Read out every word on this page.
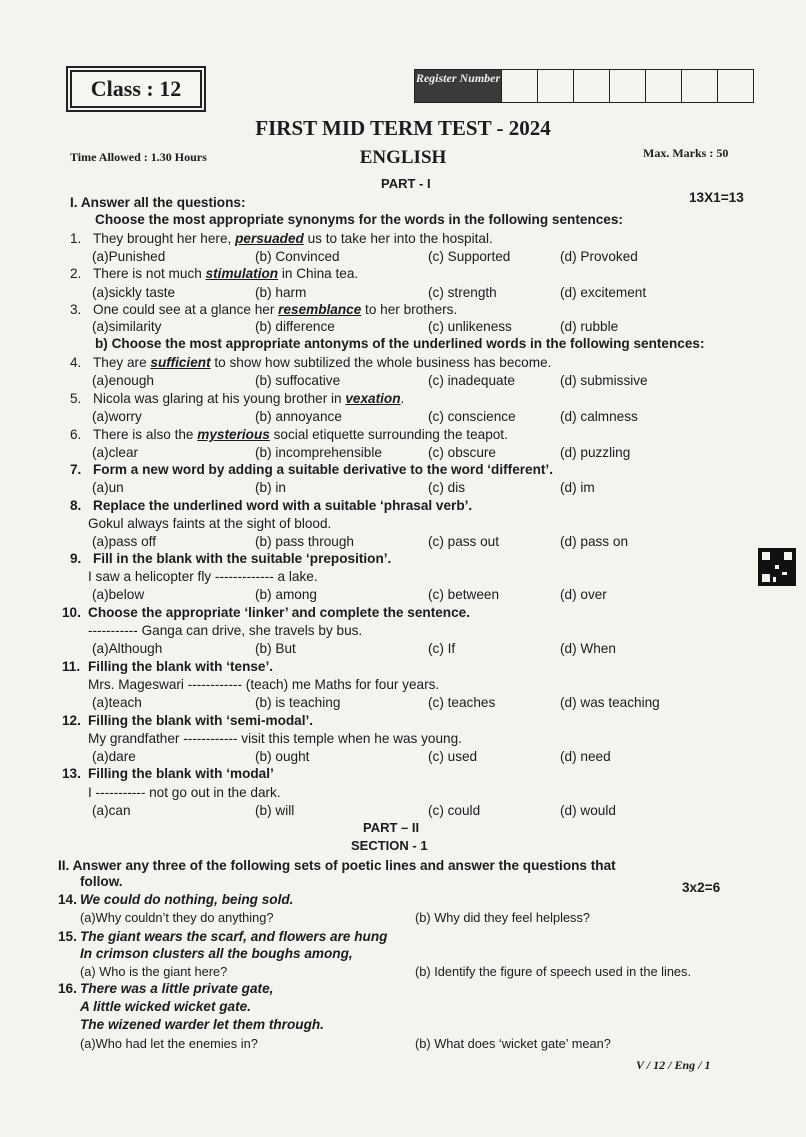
Class : 12	Register Number
FIRST MID TERM TEST - 2024
Time Allowed : 1.30 Hours	ENGLISH	Max. Marks : 50
PART - I
I. Answer all the questions:	13X1=13
Choose the most appropriate synonyms for the words in the following sentences:
1. They brought her here, persuaded us to take her into the hospital.
(a)Punished	(b) Convinced	(c) Supported	(d) Provoked
2. There is not much stimulation in China tea.
(a)sickly taste	(b) harm	(c) strength	(d) excitement
3. One could see at a glance her resemblance to her brothers.
(a)similarity	(b) difference	(c) unlikeness	(d) rubble
4. They are sufficient to show how subtilized the whole business has become.
(a)enough	(b) suffocative	(c) inadequate	(d) submissive
5. Nicola was glaring at his young brother in vexation.
(a)worry	(b) annoyance	(c) conscience	(d) calmness
6. There is also the mysterious social etiquette surrounding the teapot.
(a)clear	(b) incomprehensible	(c) obscure	(d) puzzling
7. Form a new word by adding a suitable derivative to the word ‘different’.
(a)un	(b) in	(c) dis	(d) im
8. Replace the underlined word with a suitable ‘phrasal verb’.
Gokul always faints at the sight of blood.
(a)pass off	(b) pass through	(c) pass out	(d) pass on
9. Fill in the blank with the suitable ‘preposition’.
I saw a helicopter fly ------------- a lake.
(a)below	(b) among	(c) between	(d) over
10. Choose the appropriate ‘linker’ and complete the sentence.
----------- Ganga can drive, she travels by bus.
(a)Although	(b) But	(c) If	(d) When
11. Filling the blank with ‘tense’.
Mrs. Mageswari ------------ (teach) me Maths for four years.
(a)teach	(b) is teaching	(c) teaches	(d) was teaching
12. Filling the blank with ‘semi-modal’.
My grandfather ------------ visit this temple when he was young.
(a)dare	(b) ought	(c) used	(d) need
13. Filling the blank with ‘modal’
I ----------- not go out in the dark.
(a)can	(b) will	(c) could	(d) would
b) Choose the most appropriate antonyms of the underlined words in the following sentences:
PART – II
SECTION - 1
II. Answer any three of the following sets of poetic lines and answer the questions that
follow.	3x2=6
14. We could do nothing, being sold.
(a)Why couldn’t they do anything?	(b) Why did they feel helpless?
15. The giant wears the scarf, and flowers are hung
In crimson clusters all the boughs among,
(a) Who is the giant here?	(b) Identify the figure of speech used in the lines.
16. There was a little private gate,
A little wicked wicket gate.
The wizened warder let them through.
(a)Who had let the enemies in?	(b) What does ‘wicket gate’ mean?
V / 12 / Eng / 1
